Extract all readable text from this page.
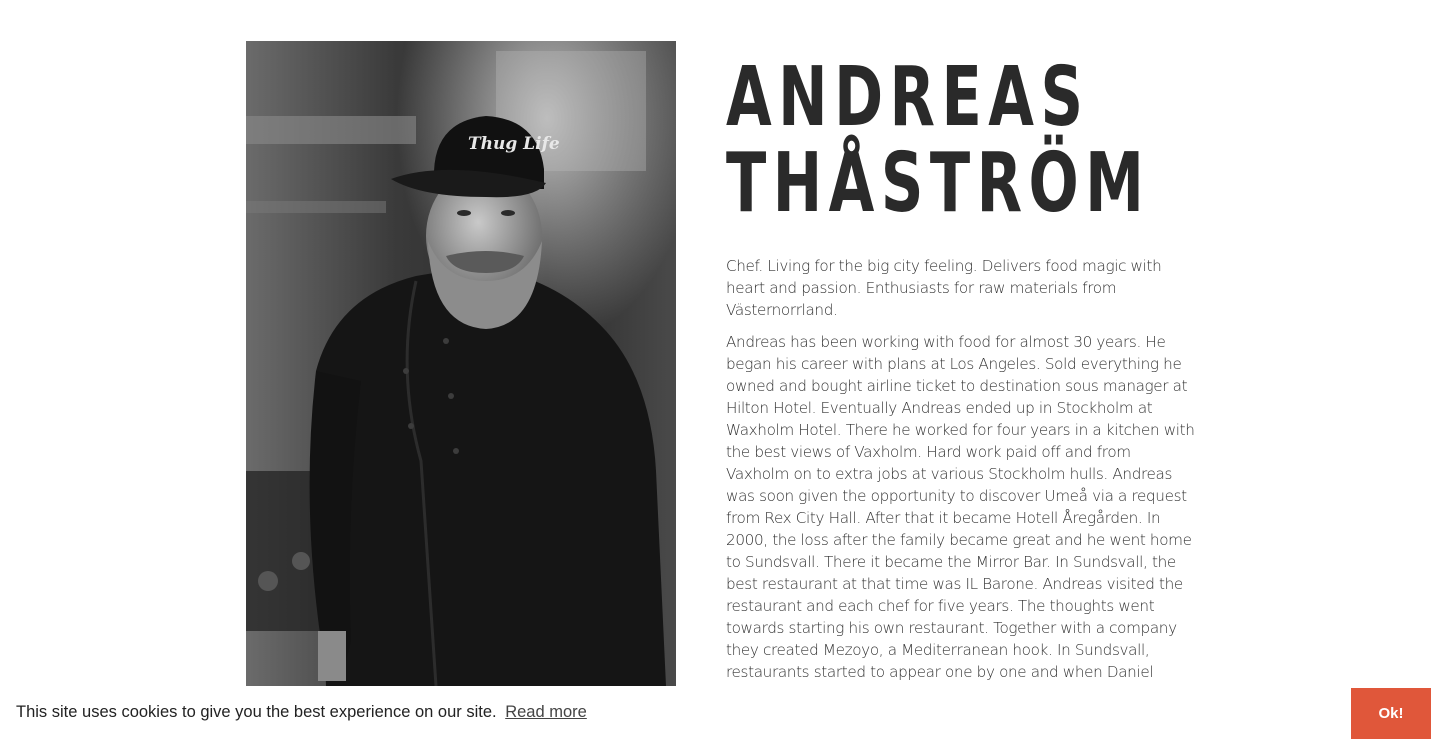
Thug Life ANDREAS
THÅSTRÖM

Chef. Living for the big city feeling. Delivers food magic with heart and passion. Enthusiasts for raw materials from Västernorrland.

Andreas has been working with food for almost 30 years. He began his career with plans at Los Angeles. Sold everything he owned and bought airline ticket to destination sous manager at Hilton Hotel. Eventually Andreas ended up in Stockholm at Waxholm Hotel. There he worked for four years in a kitchen with the best views of Vaxholm. Hard work paid off and from Vaxholm on to extra jobs at various Stockholm hulls. Andreas was soon given the opportunity to discover Umeå via a request from Rex City Hall. After that it became Hotell Åregården. In 2000, the loss after the family became great and he went home to Sundsvall. There it became the Mirror Bar. In Sundsvall, the best restaurant at that time was IL Barone. Andreas visited the restaurant and each chef for five years. The thoughts went towards starting his own restaurant. Together with a company they created Mezoyo, a Mediterranean hook. In Sundsvall, restaurants started to appear one by one and when Daniel

This site uses cookies to give you the best experience on our site. Read more	Ok!
